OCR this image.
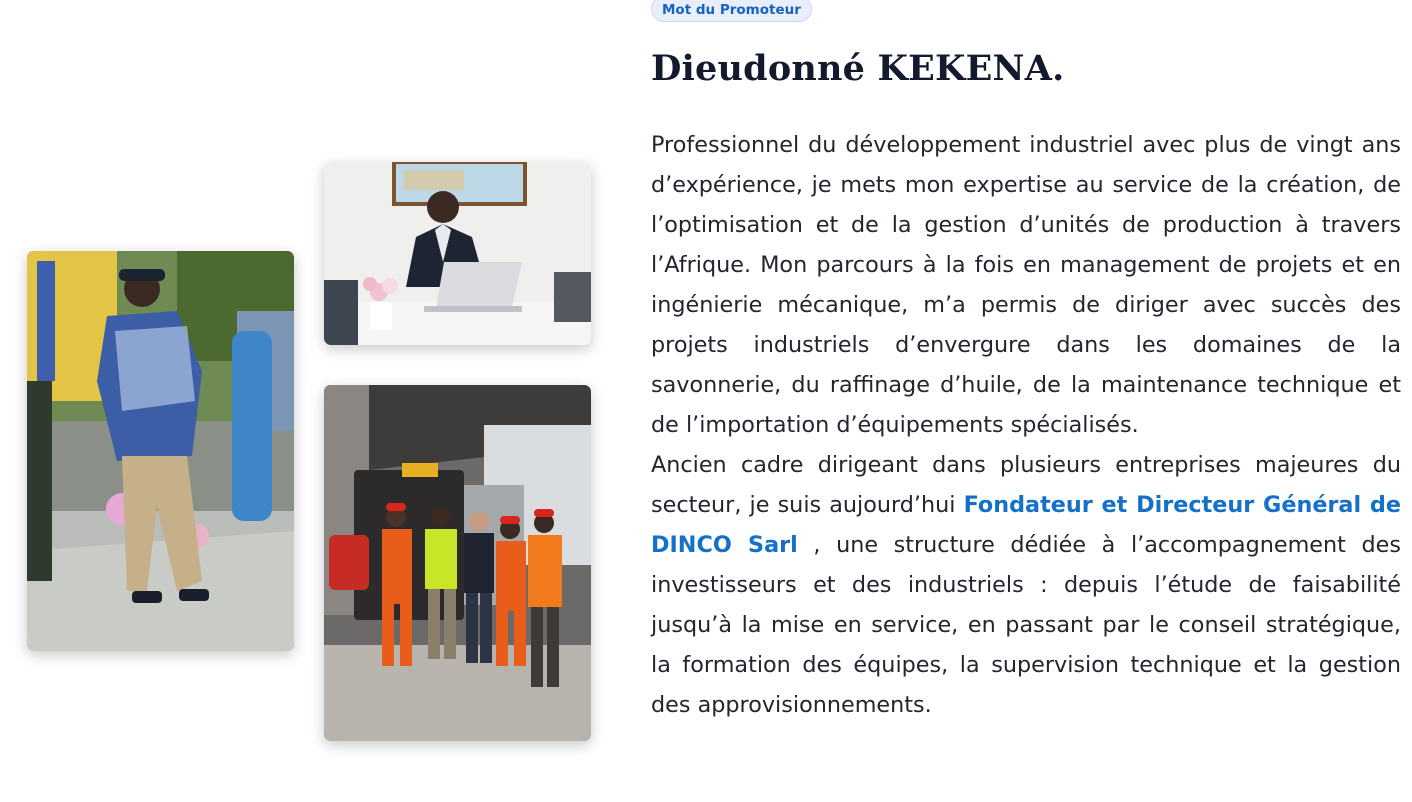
Mot du Promoteur
Dieudonné KEKENA.

Professionnel du développement industriel avec plus de vingt ans d’expérience, je mets mon expertise au service de la création, de l’optimisation et de la gestion d’unités de production à travers l’Afrique. Mon parcours à la fois en management de projets et en ingénierie mécanique, m’a permis de diriger avec succès des projets industriels d’envergure dans les domaines de la savonnerie, du raffinage d’huile, de la maintenance technique et de l’importation d’équipements spécialisés.

Ancien cadre dirigeant dans plusieurs entreprises majeures du secteur, je suis aujourd’hui Fondateur et Directeur Général de DINCO Sarl , une structure dédiée à l’accompagnement des investisseurs et des industriels : depuis l’étude de faisabilité jusqu’à la mise en service, en passant par le conseil stratégique, la formation des équipes, la supervision technique et la gestion des approvisionnements.
